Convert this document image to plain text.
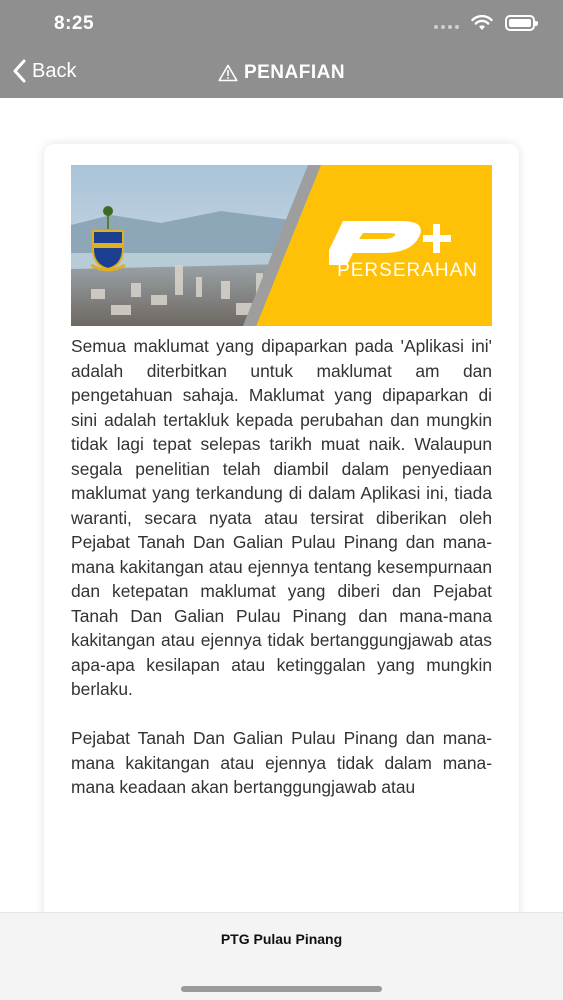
8:25
Back	PENAFIAN
PERSERAHAN

Semua maklumat yang dipaparkan pada 'Aplikasi ini' adalah diterbitkan untuk maklumat am dan pengetahuan sahaja. Maklumat yang dipaparkan di sini adalah tertakluk kepada perubahan dan mungkin tidak lagi tepat selepas tarikh muat naik. Walaupun segala penelitian telah diambil dalam penyediaan maklumat yang terkandung di dalam Aplikasi ini, tiada waranti, secara nyata atau tersirat diberikan oleh Pejabat Tanah Dan Galian Pulau Pinang dan mana-mana kakitangan atau ejennya tentang kesempurnaan dan ketepatan maklumat yang diberi dan Pejabat Tanah Dan Galian Pulau Pinang dan mana-mana kakitangan atau ejennya tidak bertanggungjawab atas apa-apa kesilapan atau ketinggalan yang mungkin berlaku.

Pejabat Tanah Dan Galian Pulau Pinang dan mana-mana kakitangan atau ejennya tidak dalam mana-mana keadaan akan bertanggungjawab atau

PTG Pulau Pinang
